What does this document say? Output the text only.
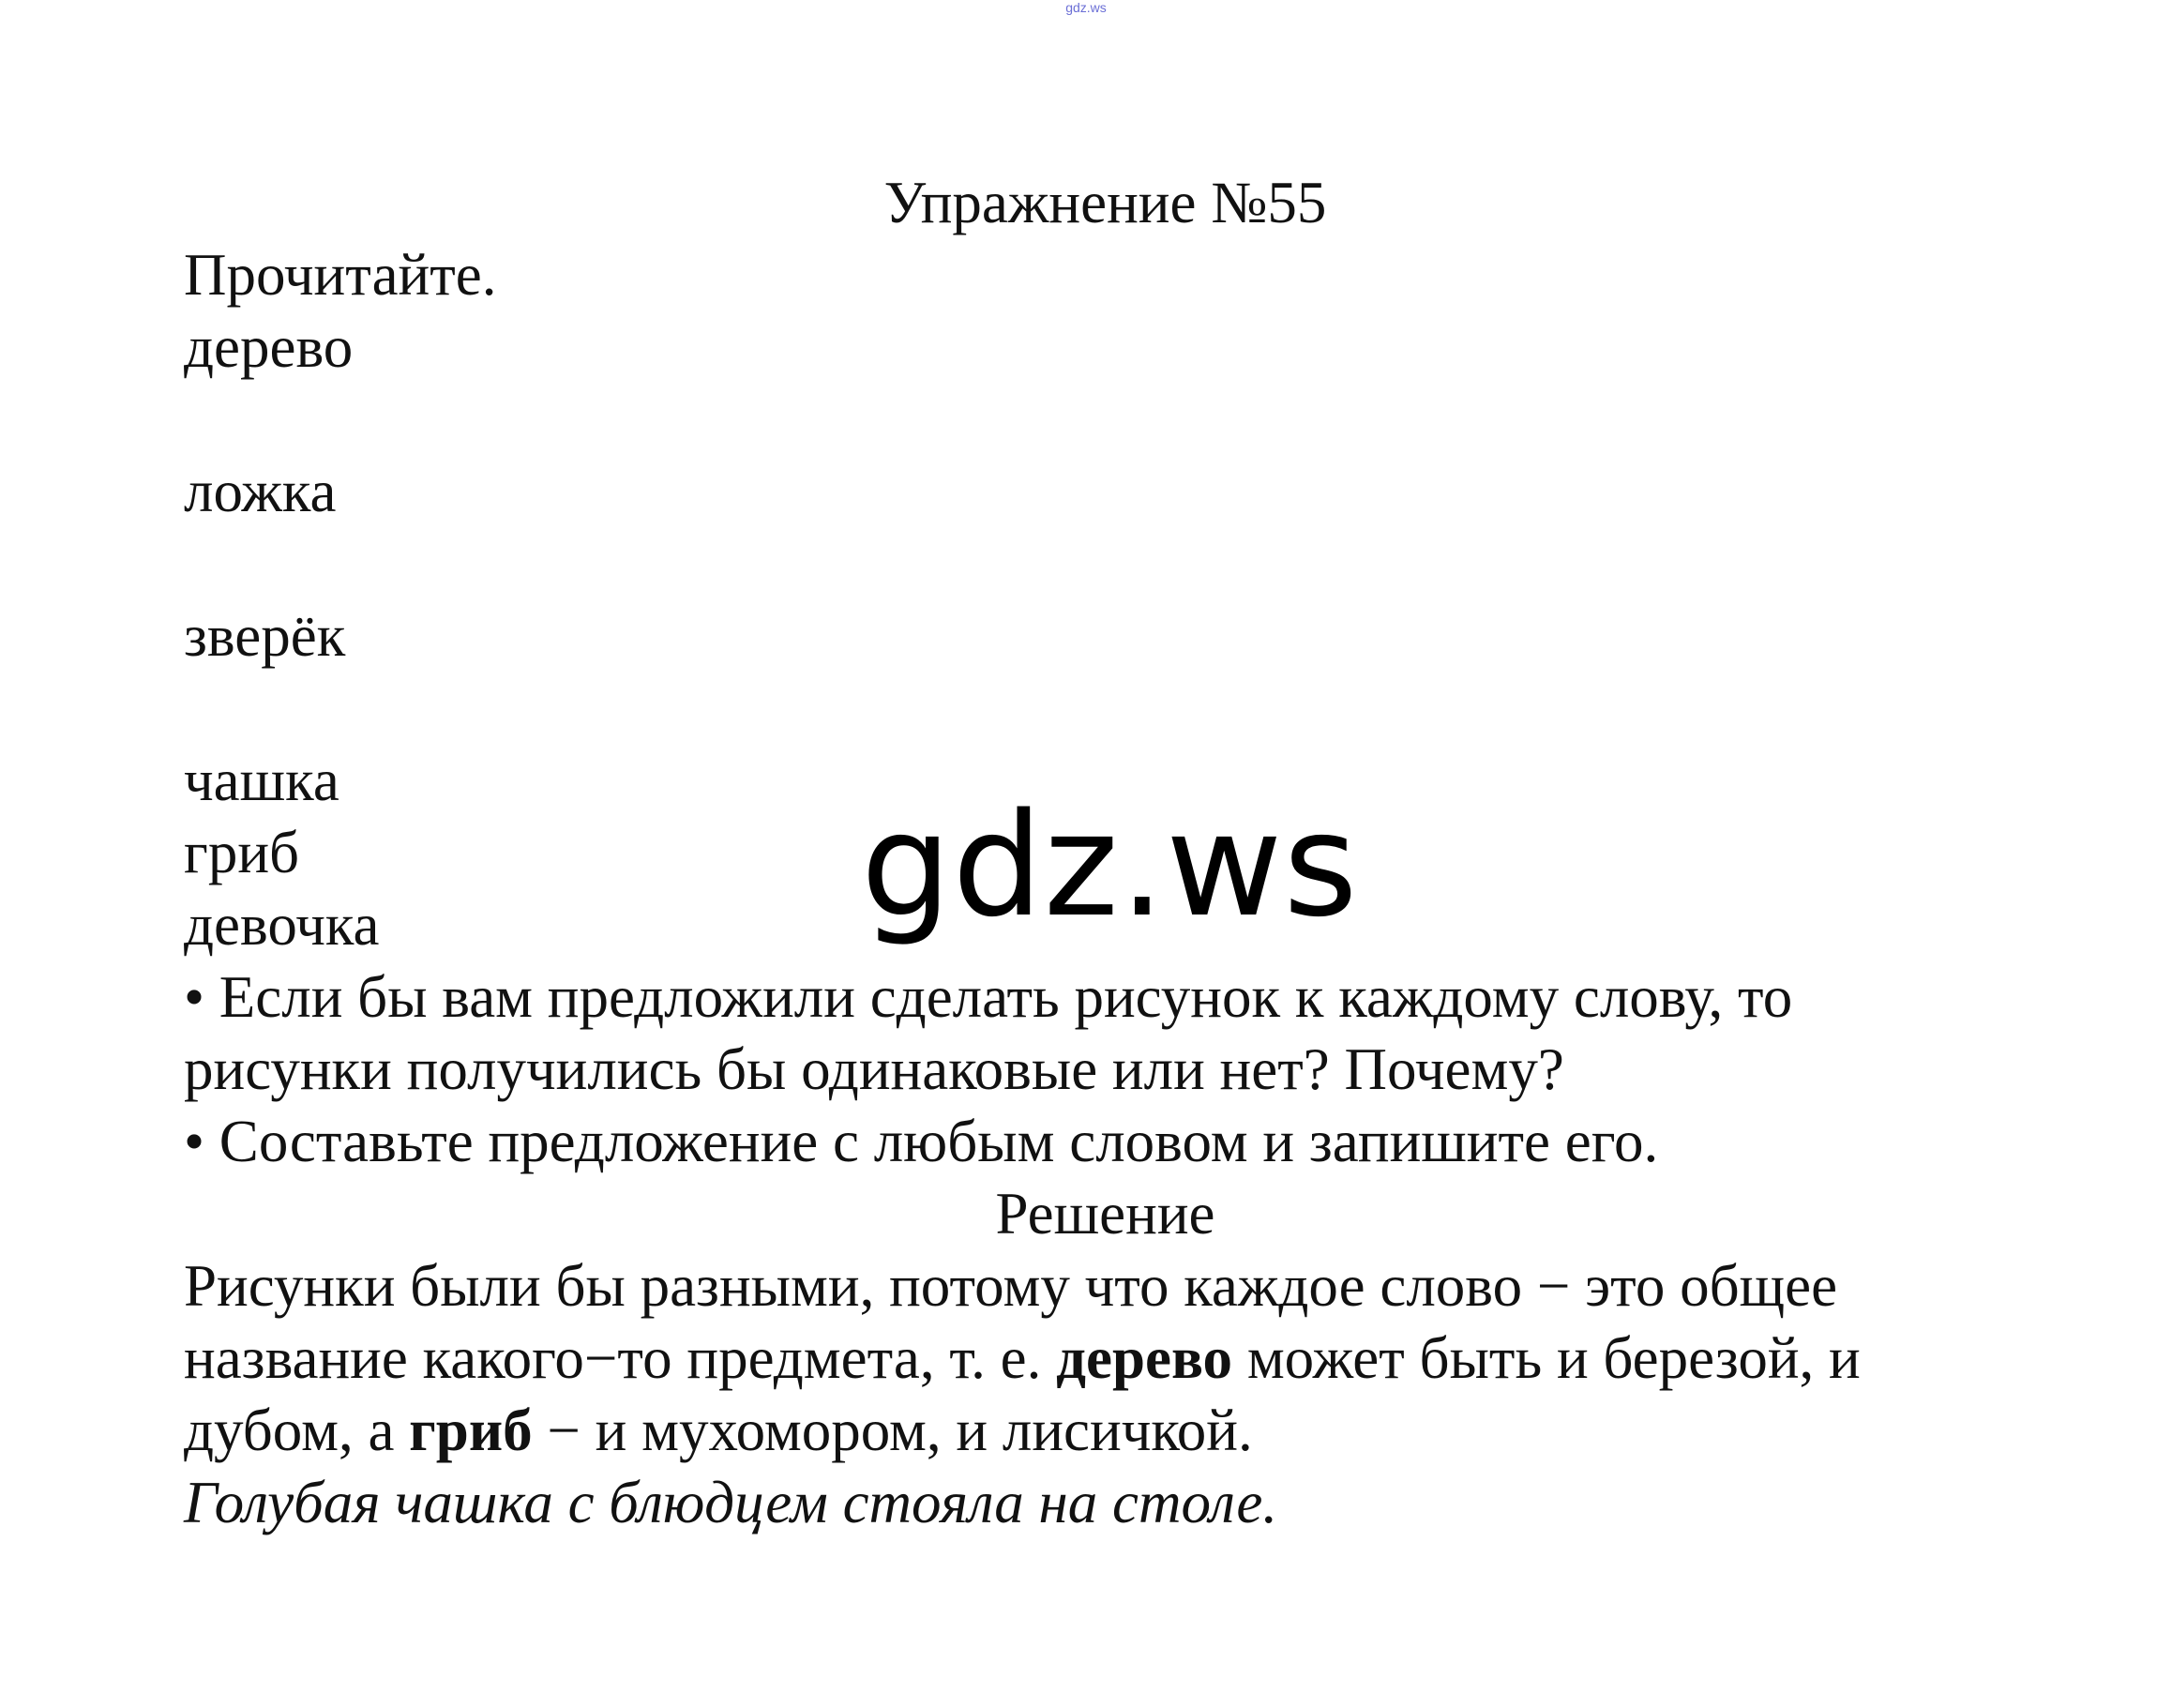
gdz.ws

Упражнение №55

Прочитайте.

дерево

ложка

зверёк

чашка

гриб

девочка

• Если бы вам предложили сделать рисунок к каждому слову, то

рисунки получились бы одинаковые или нет? Почему?

• Составьте предложение с любым словом и запишите его.

Решение

Рисунки были бы разными, потому что каждое слово − это общее

название какого−то предмета, т. е. дерево может быть и березой, и

дубом, а гриб − и мухомором, и лисичкой.

Голубая чашка с блюдцем стояла на столе.

gdz.ws
